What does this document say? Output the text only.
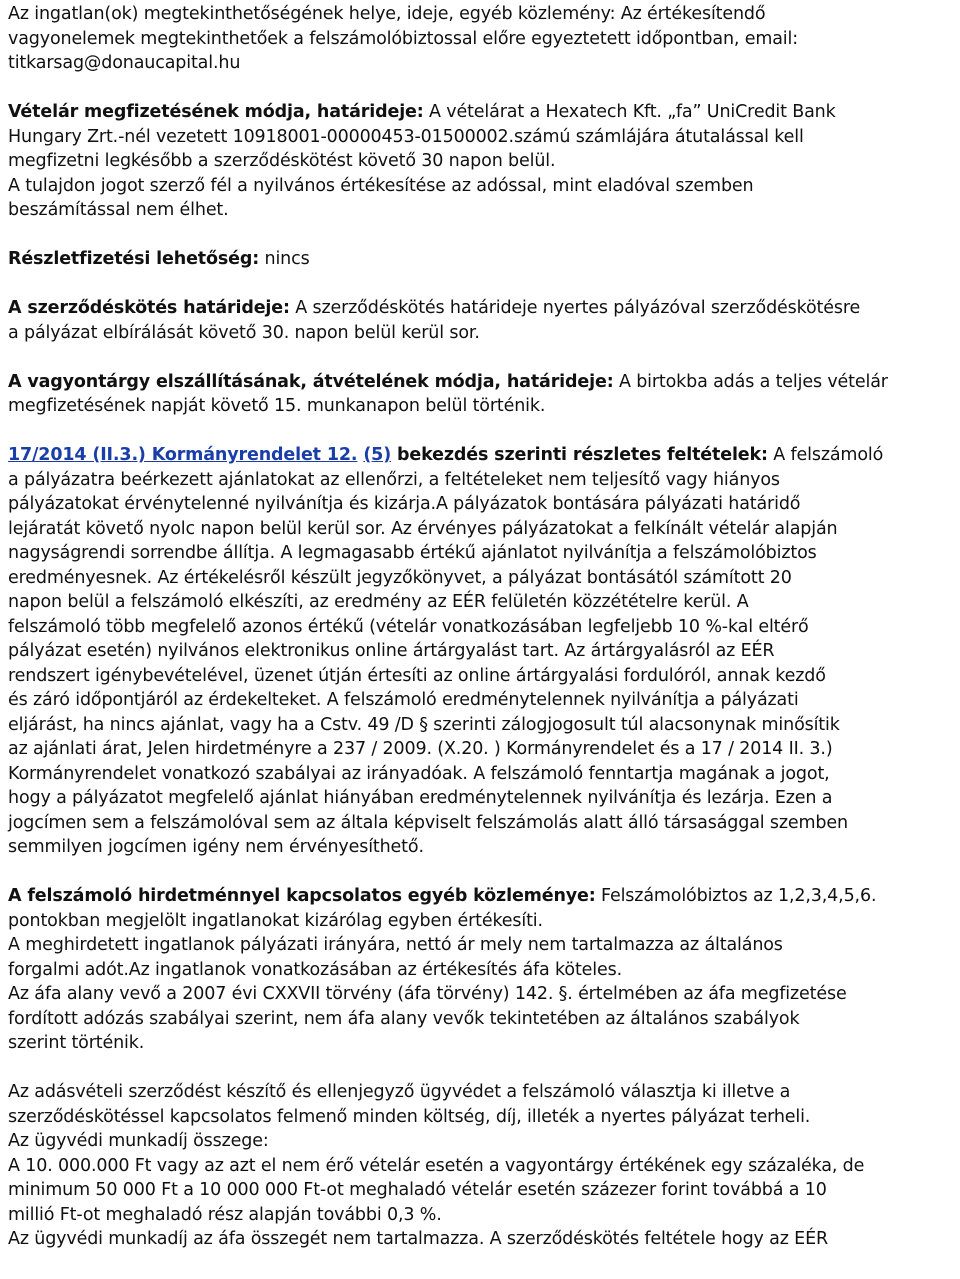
Az ingatlan(ok) megtekinthetőségének helye, ideje, egyéb közlemény: Az értékesítendő
vagyonelemek megtekinthetőek a felszámolóbiztossal előre egyeztetett időpontban, email:
titkarsag@donaucapital.hu
Vételár megfizetésének módja, határideje: A vételárat a Hexatech Kft. „fa” UniCredit Bank
Hungary Zrt.-nél vezetett 10918001-00000453-01500002.számú számlájára átutalással kell
megfizetni legkésőbb a szerződéskötést követő 30 napon belül.
A tulajdon jogot szerző fél a nyilvános értékesítése az adóssal, mint eladóval szemben
beszámítással nem élhet.
Részletfizetési lehetőség: nincs
A szerződéskötés határideje: A szerződéskötés határideje nyertes pályázóval szerződéskötésre
a pályázat elbírálását követő 30. napon belül kerül sor.
A vagyontárgy elszállításának, átvételének módja, határideje: A birtokba adás a teljes vételár
megfizetésének napját követő 15. munkanapon belül történik.
17/2014 (II.3.) Kormányrendelet 12. (5) bekezdés szerinti részletes feltételek: A felszámoló
a pályázatra beérkezett ajánlatokat az ellenőrzi, a feltételeket nem teljesítő vagy hiányos
pályázatokat érvénytelenné nyilvánítja és kizárja.A pályázatok bontására pályázati határidő
lejáratát követő nyolc napon belül kerül sor. Az érvényes pályázatokat a felkínált vételár alapján
nagyságrendi sorrendbe állítja. A legmagasabb értékű ajánlatot nyilvánítja a felszámolóbiztos
eredményesnek. Az értékelésről készült jegyzőkönyvet, a pályázat bontásától számított 20
napon belül a felszámoló elkészíti, az eredmény az EÉR felületén közzétételre kerül. A
felszámoló több megfelelő azonos értékű (vételár vonatkozásában legfeljebb 10 %-kal eltérő
pályázat esetén) nyilvános elektronikus online ártárgyalást tart. Az ártárgyalásról az EÉR
rendszert igénybevételével, üzenet útján értesíti az online ártárgyalási fordulóról, annak kezdő
és záró időpontjáról az érdekelteket. A felszámoló eredménytelennek nyilvánítja a pályázati
eljárást, ha nincs ajánlat, vagy ha a Cstv. 49 /D § szerinti zálogjogosult túl alacsonynak minősítik
az ajánlati árat, Jelen hirdetményre a 237 / 2009. (X.20. ) Kormányrendelet és a 17 / 2014 II. 3.)
Kormányrendelet vonatkozó szabályai az irányadóak. A felszámoló fenntartja magának a jogot,
hogy a pályázatot megfelelő ajánlat hiányában eredménytelennek nyilvánítja és lezárja. Ezen a
jogcímen sem a felszámolóval sem az általa képviselt felszámolás alatt álló társasággal szemben
semmilyen jogcímen igény nem érvényesíthető.
A felszámoló hirdetménnyel kapcsolatos egyéb közleménye: Felszámolóbiztos az 1,2,3,4,5,6.
pontokban megjelölt ingatlanokat kizárólag egyben értékesíti.
A meghirdetett ingatlanok pályázati irányára, nettó ár mely nem tartalmazza az általános
forgalmi adót.Az ingatlanok vonatkozásában az értékesítés áfa köteles.
Az áfa alany vevő a 2007 évi CXXVII törvény (áfa törvény) 142. §. értelmében az áfa megfizetése
fordított adózás szabályai szerint, nem áfa alany vevők tekintetében az általános szabályok
szerint történik.
Az adásvételi szerződést készítő és ellenjegyző ügyvédet a felszámoló választja ki illetve a
szerződéskötéssel kapcsolatos felmenő minden költség, díj, illeték a nyertes pályázat terheli.
Az ügyvédi munkadíj összege:
A 10. 000.000 Ft vagy az azt el nem érő vételár esetén a vagyontárgy értékének egy százaléka, de
minimum 50 000 Ft a 10 000 000 Ft-ot meghaladó vételár esetén százezer forint továbbá a 10
millió Ft-ot meghaladó rész alapján további 0,3 %.
Az ügyvédi munkadíj az áfa összegét nem tartalmazza. A szerződéskötés feltétele hogy az EÉR
